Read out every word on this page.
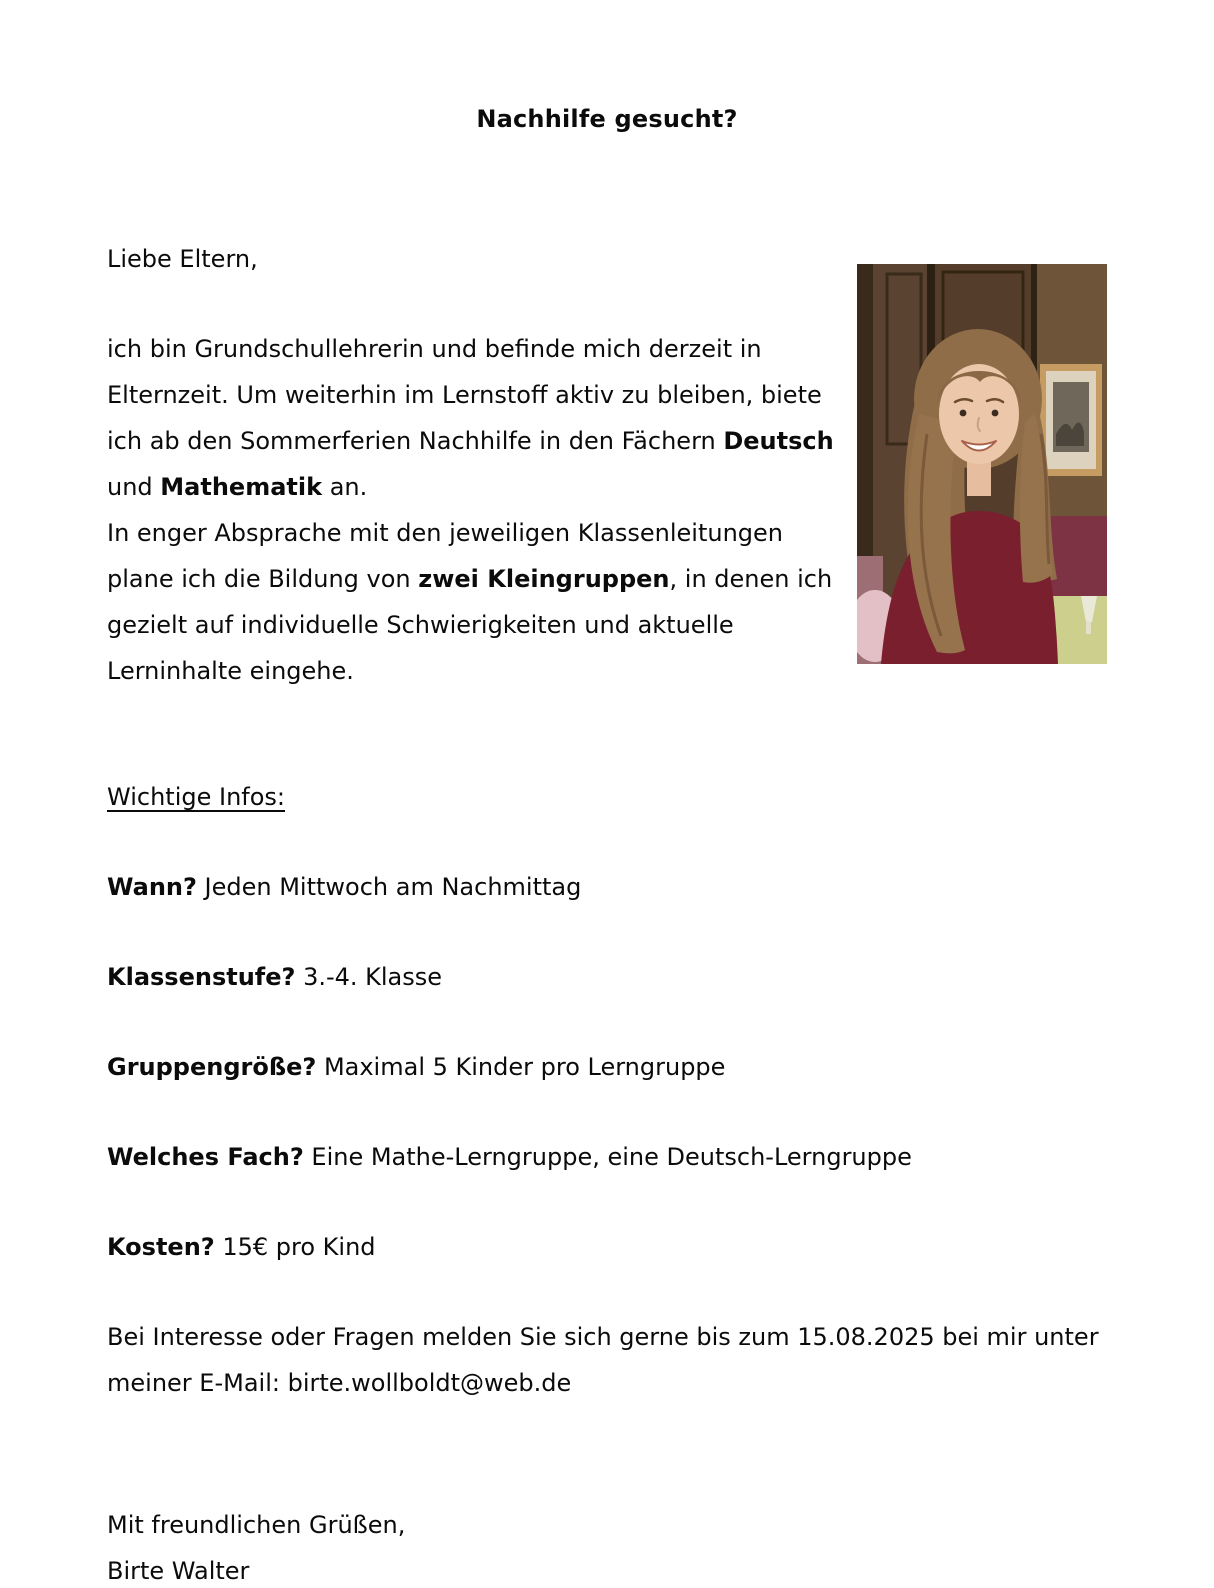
Nachhilfe gesucht?

Liebe Eltern,

ich bin Grundschullehrerin und befinde mich derzeit in Elternzeit. Um weiterhin im Lernstoff aktiv zu bleiben, biete ich ab den Sommerferien Nachhilfe in den Fächern Deutsch und Mathematik an.
In enger Absprache mit den jeweiligen Klassenleitungen plane ich die Bildung von zwei Kleingruppen, in denen ich gezielt auf individuelle Schwierigkeiten und aktuelle Lerninhalte eingehe.

Wichtige Infos:

Wann? Jeden Mittwoch am Nachmittag

Klassenstufe? 3.-4. Klasse

Gruppengröße? Maximal 5 Kinder pro Lerngruppe

Welches Fach? Eine Mathe-Lerngruppe, eine Deutsch-Lerngruppe

Kosten? 15€ pro Kind

Bei Interesse oder Fragen melden Sie sich gerne bis zum 15.08.2025 bei mir unter meiner E-Mail: birte.wollboldt@web.de

Mit freundlichen Grüßen,
Birte Walter
